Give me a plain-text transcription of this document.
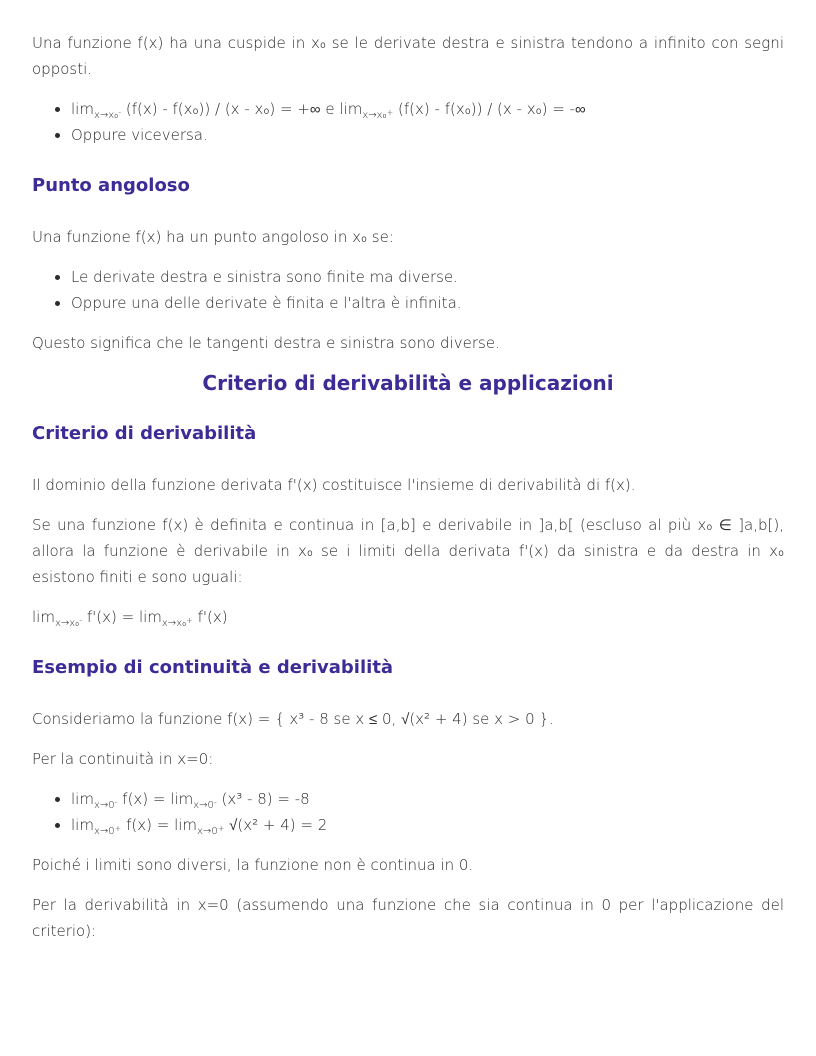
Una funzione f(x) ha una cuspide in x₀ se le derivate destra e sinistra tendono a infinito con segni opposti.

• $\lim_{x\to x_0^-} (f(x) - f(x_0)) / (x - x_0)$ = +∞ e $\lim_{x\to x_0^+} (f(x) - f(x_0)) / (x - x_0)$ = -∞
• Oppure viceversa.
Punto angoloso

Una funzione f(x) ha un punto angoloso in x₀ se:

• Le derivate destra e sinistra sono finite ma diverse.
• Oppure una delle derivate è finita e l'altra è infinita.

Questo significa che le tangenti destra e sinistra sono diverse.

Criterio di derivabilità e applicazioni
Criterio di derivabilità

Il dominio della funzione derivata f'(x) costituisce l'insieme di derivabilità di f(x).

Se una funzione f(x) è definita e continua in [a,b] e derivabile in ]a,b[ (escluso al più x₀ ∈ ]a,b[), allora la funzione è derivabile in x₀ se i limiti della derivata f'(x) da sinistra e da destra in x₀ esistono finiti e sono uguali:

$\lim_{x\to x_0^-} f'(x) = \lim_{x\to x_0^+} f'(x)$

Esempio di continuità e derivabilità

Consideriamo la funzione f(x) = { x³ - 8 se x ≤ 0, √(x² + 4) se x > 0 }.

Per la continuità in x=0:

• $\lim_{x\to 0^-} f(x) = \lim_{x\to 0^-} (x^3 - 8) = -8$
• $\lim_{x\to 0^+} f(x) = \lim_{x\to 0^+} √(x^2 + 4) = 2$

Poiché i limiti sono diversi, la funzione non è continua in 0.

Per la derivabilità in x=0 (assumendo una funzione che sia continua in 0 per l'applicazione del criterio):
